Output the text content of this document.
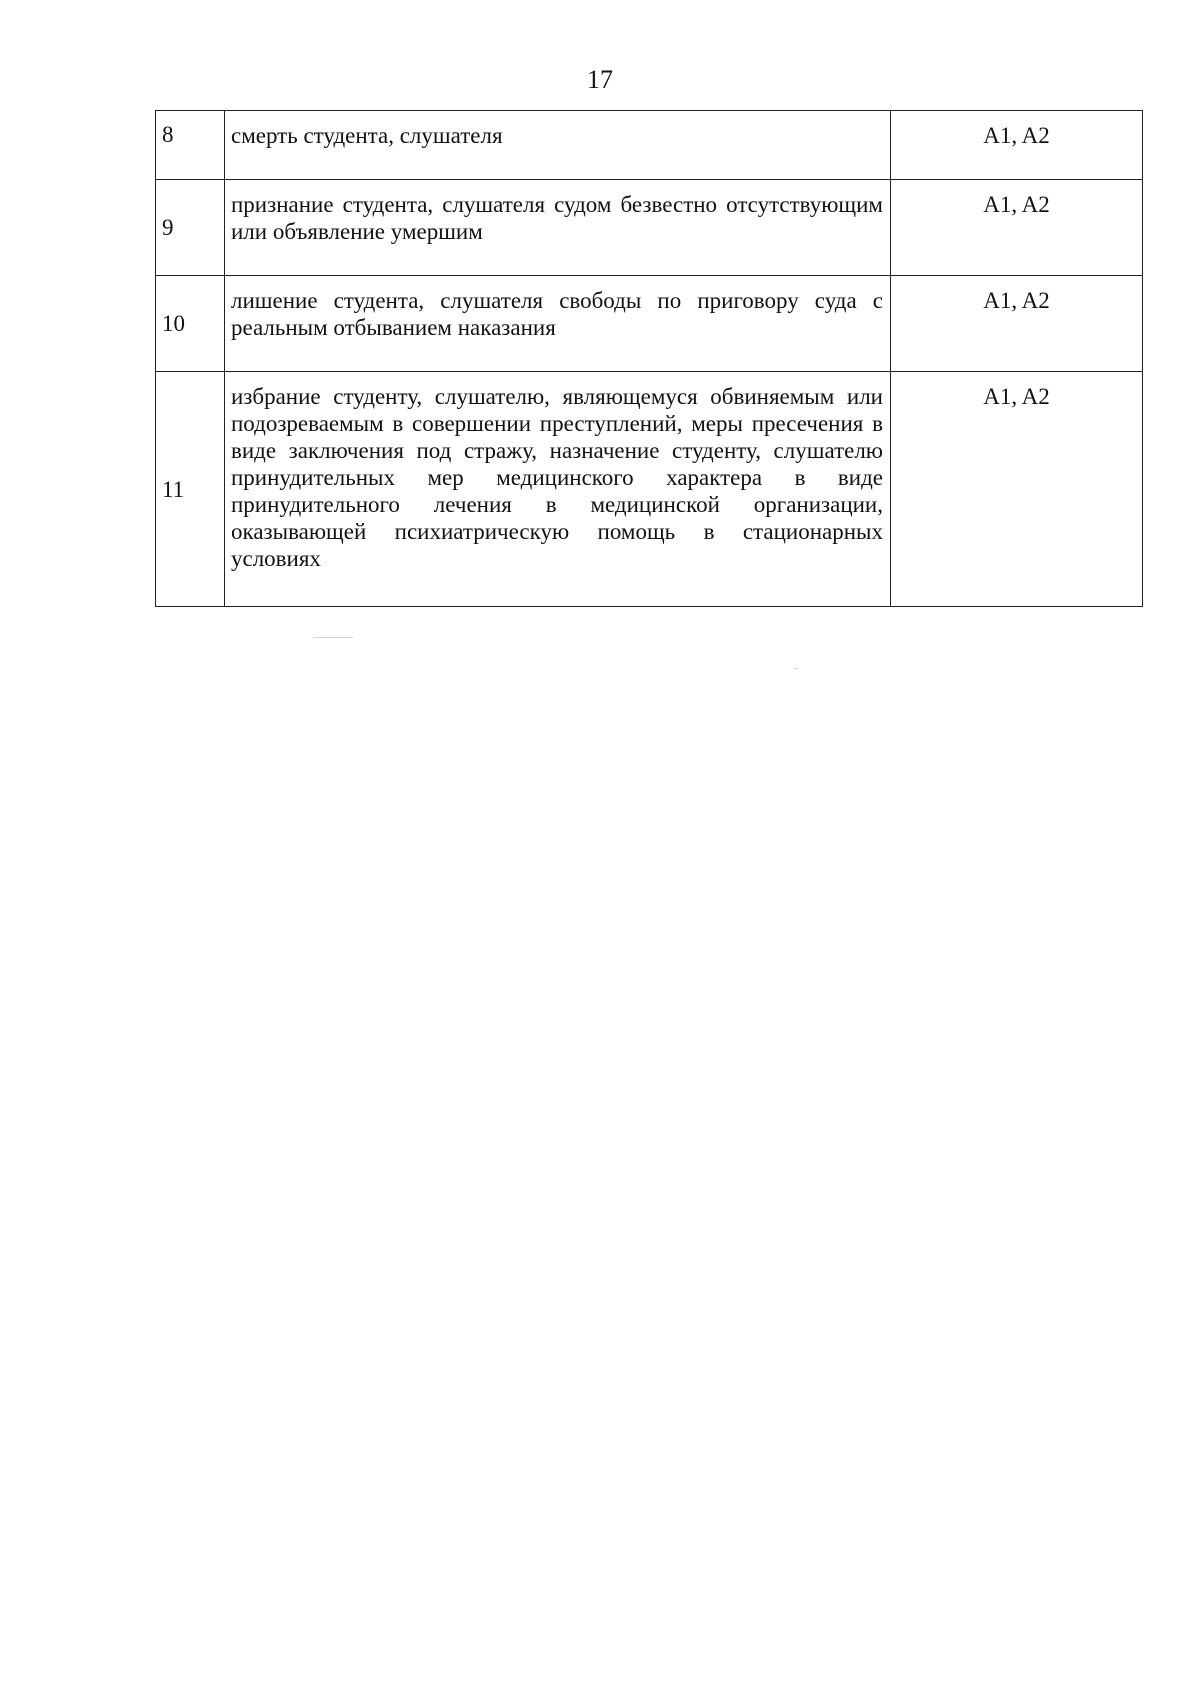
17
8	смерть студента, слушателя	A1, A2
9	признание студента, слушателя судом безвестно отсутствующим или объявление умершим	A1, A2
10	лишение студента, слушателя свободы по приговору суда с реальным отбыванием наказания	A1, A2
11	избрание студенту, слушателю, являющемуся обвиняемым или подозреваемым в совершении преступлений, меры пресечения в виде заключения под стражу, назначение студенту, слушателю принудительных мер медицинского характера в виде принудительного лечения в медицинской организации, оказывающей психиатрическую помощь в стационарных условиях	A1, A2
